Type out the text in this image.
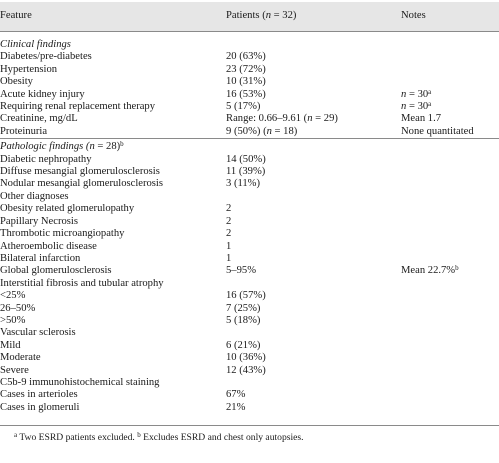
Feature	Patients (n = 32)	Notes

Clinical findings		
Diabetes/pre-diabetes	20 (63%)	
Hypertension	23 (72%)	
Obesity	10 (31%)	
Acute kidney injury	16 (53%)	$n = 30^a$
Requiring renal replacement therapy	5 (17%)	$n = 30^a$
Creatinine, mg/dL	Range: 0.66–9.61 (n = 29)	Mean 1.7
Proteinuria	9 (50%) (n = 18)	None quantitated
Pathologic findings (n = 28)$^b$
Diabetic nephropathy	14 (50%)	
Diffuse mesangial glomerulosclerosis	11 (39%)	
Nodular mesangial glomerulosclerosis	3 (11%)	
Other diagnoses		
Obesity related glomerulopathy	2	
Papillary Necrosis	2	
Thrombotic microangiopathy	2	
Atheroembolic disease	1	
Bilateral infarction	1	
Global glomerulosclerosis	5–95%	Mean 22.7%$^b$
Interstitial fibrosis and tubular atrophy		
<25%	16 (57%)	
26–50%	7 (25%)	
>50%	5 (18%)	
Vascular sclerosis		
Mild	6 (21%)	
Moderate	10 (36%)	
Severe	12 (43%)	
C5b-9 immunohistochemical staining		
Cases in arterioles	67%	
Cases in glomeruli	21%	
$^a$ Two ESRD patients excluded. $^b$ Excludes ESRD and chest only autopsies.
